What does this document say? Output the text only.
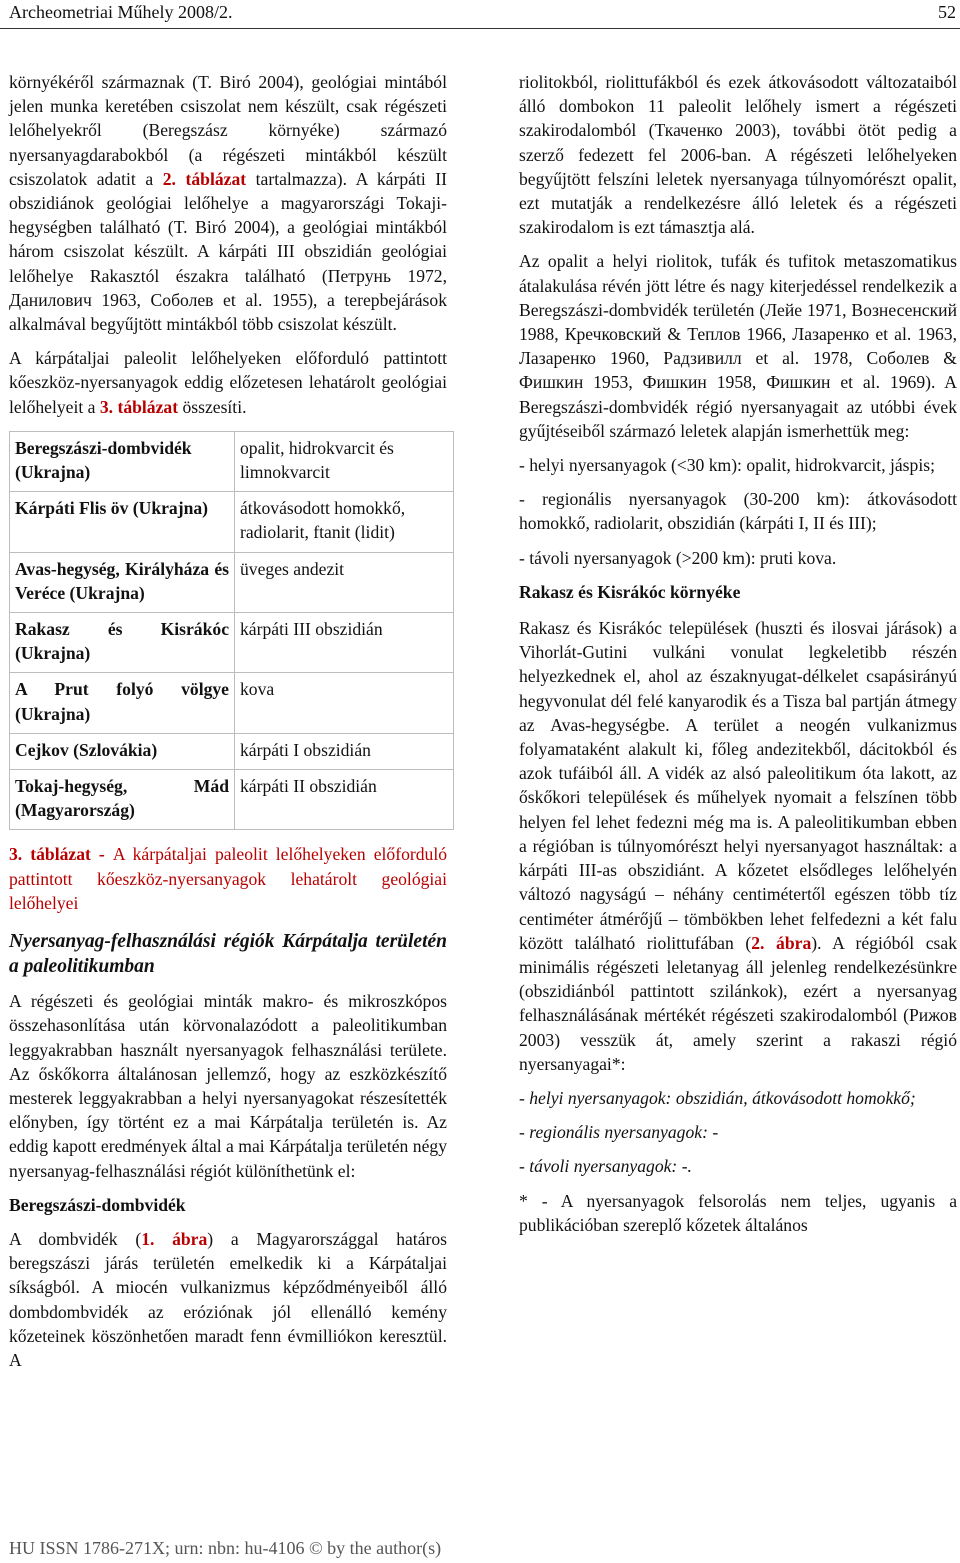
Archeometriai Műhely 2008/2.	52

környékéről származnak (T. Biró 2004), geológiai mintából jelen munka keretében csiszolat nem készült, csak régészeti lelőhelyekről (Beregszász környéke) származó nyersanyagdarabokból (a régészeti mintákból készült csiszolatok adatit a 2. táblázat tartalmazza). A kárpáti II obszidiánok geológiai lelőhelye a magyarországi Tokaji-hegységben található (T. Biró 2004), a geológiai mintákból három csiszolat készült. A kárpáti III obszidián geológiai lelőhelye Rakasztól északra található (Петрунь 1972, Данилович 1963, Соболев et al. 1955), a terepbejárások alkalmával begyűjtött mintákból több csiszolat készült.

A kárpátaljai paleolit lelőhelyeken előforduló pattintott kőeszköz-nyersanyagok eddig előzetesen lehatárolt geológiai lelőhelyeit a 3. táblázat összesíti.

Beregszászi-dombvidék (Ukrajna)	opalit, hidrokvarcit és limnokvarcit
Kárpáti Flis öv (Ukrajna)	átkovásodott homokkő, radiolarit, ftanit (lidit)
Avas-hegység, Királyháza és Veréce (Ukrajna)	üveges andezit
Rakasz és Kisrákóc (Ukrajna)	kárpáti III obszidián
A Prut folyó völgye (Ukrajna)	kova
Cejkov (Szlovákia)	kárpáti I obszidián
Tokaj-hegység, Mád (Magyarország)	kárpáti II obszidián

3. táblázat - A kárpátaljai paleolit lelőhelyeken előforduló pattintott kőeszköz-nyersanyagok lehatárolt geológiai lelőhelyei

Nyersanyag-felhasználási régiók Kárpátalja területén a paleolitikumban

A régészeti és geológiai minták makro- és mikroszkópos összehasonlítása után körvonalazódott a paleolitikumban leggyakrabban használt nyersanyagok felhasználási területe. Az őskőkorra általánosan jellemző, hogy az eszközkészítő mesterek leggyakrabban a helyi nyersanyagokat részesítették előnyben, így történt ez a mai Kárpátalja területén is. Az eddig kapott eredmények által a mai Kárpátalja területén négy nyersanyag-felhasználási régiót különíthetünk el:

Beregszászi-dombvidék

A dombvidék (1. ábra) a Magyarországgal határos beregszászi járás területén emelkedik ki a Kárpátaljai síkságból. A miocén vulkanizmus képződményeiből álló dombdombvidék az eróziónak jól ellenálló kemény kőzeteinek köszönhetően maradt fenn évmilliókon keresztül. A

riolitokból, riolittufákból és ezek átkovásodott változataiból álló dombokon 11 paleolit lelőhely ismert a régészeti szakirodalomból (Ткаченко 2003), további ötöt pedig a szerző fedezett fel 2006-ban. A régészeti lelőhelyeken begyűjtött felszíni leletek nyersanyaga túlnyomórészt opalit, ezt mutatják a rendelkezésre álló leletek és a régészeti szakirodalom is ezt támasztja alá.

Az opalit a helyi riolitok, tufák és tufitok metaszomatikus átalakulása révén jött létre és nagy kiterjedéssel rendelkezik a Beregszászi-dombvidék területén (Лейе 1971, Вознесенский 1988, Кречковский & Теплов 1966, Лазаренко et al. 1963, Лазаренко 1960, Радзивилл et al. 1978, Соболев & Фишкин 1953, Фишкин 1958, Фишкин et al. 1969). A Beregszászi-dombvidék régió nyersanyagait az utóbbi évek gyűjtéseiből származó leletek alapján ismerhettük meg:

- helyi nyersanyagok (<30 km): opalit, hidrokvarcit, jáspis;

- regionális nyersanyagok (30-200 km): átkovásodott homokkő, radiolarit, obszidián (kárpáti I, II és III);

- távoli nyersanyagok (>200 km): pruti kova.

Rakasz és Kisrákóc környéke

Rakasz és Kisrákóc települések (huszti és ilosvai járások) a Vihorlát-Gutini vulkáni vonulat legkeletibb részén helyezkednek el, ahol az északnyugat-délkelet csapásirányú hegyvonulat dél felé kanyarodik és a Tisza bal partján átmegy az Avas-hegységbe. A terület a neogén vulkanizmus folyamataként alakult ki, főleg andezitekből, dácitokból és azok tufáiból áll. A vidék az alsó paleolitikum óta lakott, az őskőkori települések és műhelyek nyomait a felszínen több helyen fel lehet fedezni még ma is. A paleolitikumban ebben a régióban is túlnyomórészt helyi nyersanyagot használtak: a kárpáti III-as obszidiánt. A kőzetet elsődleges lelőhelyén változó nagyságú – néhány centimétertől egészen több tíz centiméter átmérőjű – tömbökben lehet felfedezni a két falu között található riolittufában (2. ábra). A régióból csak minimális régészeti leletanyag áll jelenleg rendelkezésünkre (obszidiánból pattintott szilánkok), ezért a nyersanyag felhasználásának mértékét régészeti szakirodalomból (Рижов 2003) vesszük át, amely szerint a rakaszi régió nyersanyagai*:

- helyi nyersanyagok: obszidián, átkovásodott homokkő;

- regionális nyersanyagok: -

- távoli nyersanyagok: -.

* - A nyersanyagok felsorolás nem teljes, ugyanis a publikációban szereplő kőzetek általános

HU ISSN 1786-271X; urn: nbn: hu-4106 © by the author(s)
